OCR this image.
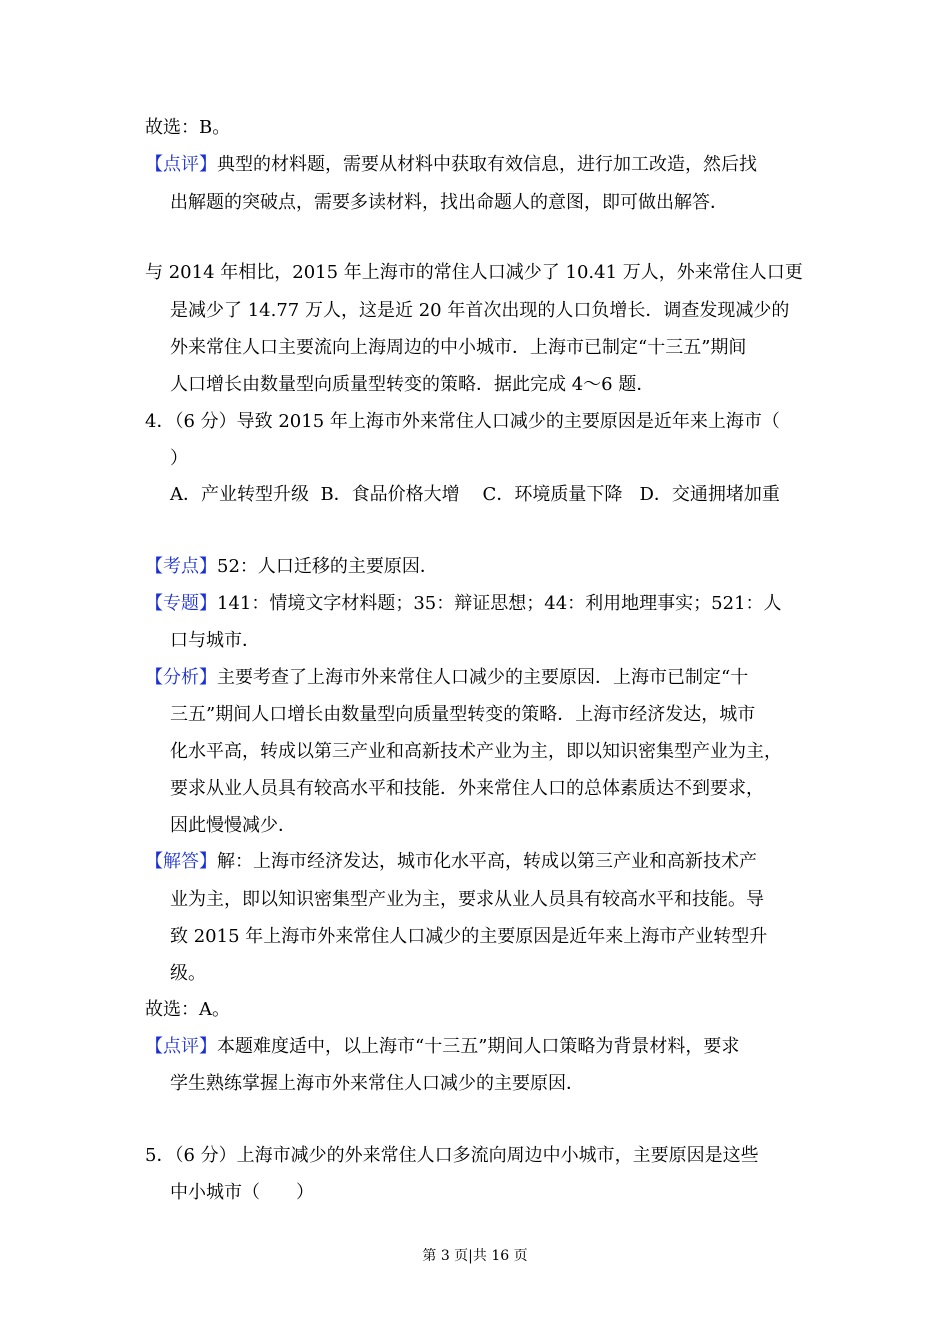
故选：B。
【点评】典型的材料题，需要从材料中获取有效信息，进行加工改造，然后找
出解题的突破点，需要多读材料，找出命题人的意图，即可做出解答．
与 2014 年相比，2015 年上海市的常住人口减少了 10.41 万人，外来常住人口更
是减少了 14.77 万人，这是近 20 年首次出现的人口负增长．调查发现减少的
外来常住人口主要流向上海周边的中小城市．上海市已制定“十三五”期间
人口增长由数量型向质量型转变的策略．据此完成 4～6 题．
4．（6 分）导致 2015 年上海市外来常住人口减少的主要原因是近年来上海市（
）
A．产业转型升级  B．食品价格大增    C．环境质量下降   D．交通拥堵加重
【考点】52：人口迁移的主要原因．
【专题】141：情境文字材料题；35：辩证思想；44：利用地理事实；521：人
口与城市．
【分析】主要考查了上海市外来常住人口减少的主要原因．上海市已制定“十
三五”期间人口增长由数量型向质量型转变的策略．上海市经济发达，城市
化水平高，转成以第三产业和高新技术产业为主，即以知识密集型产业为主，
要求从业人员具有较高水平和技能．外来常住人口的总体素质达不到要求，
因此慢慢减少．
【解答】解：上海市经济发达，城市化水平高，转成以第三产业和高新技术产
业为主，即以知识密集型产业为主，要求从业人员具有较高水平和技能。导
致 2015 年上海市外来常住人口减少的主要原因是近年来上海市产业转型升
级。
故选：A。
【点评】本题难度适中，以上海市“十三五”期间人口策略为背景材料，要求
学生熟练掌握上海市外来常住人口减少的主要原因．
5．（6 分）上海市减少的外来常住人口多流向周边中小城市，主要原因是这些
中小城市（　　）
第 3 页|共 16 页
